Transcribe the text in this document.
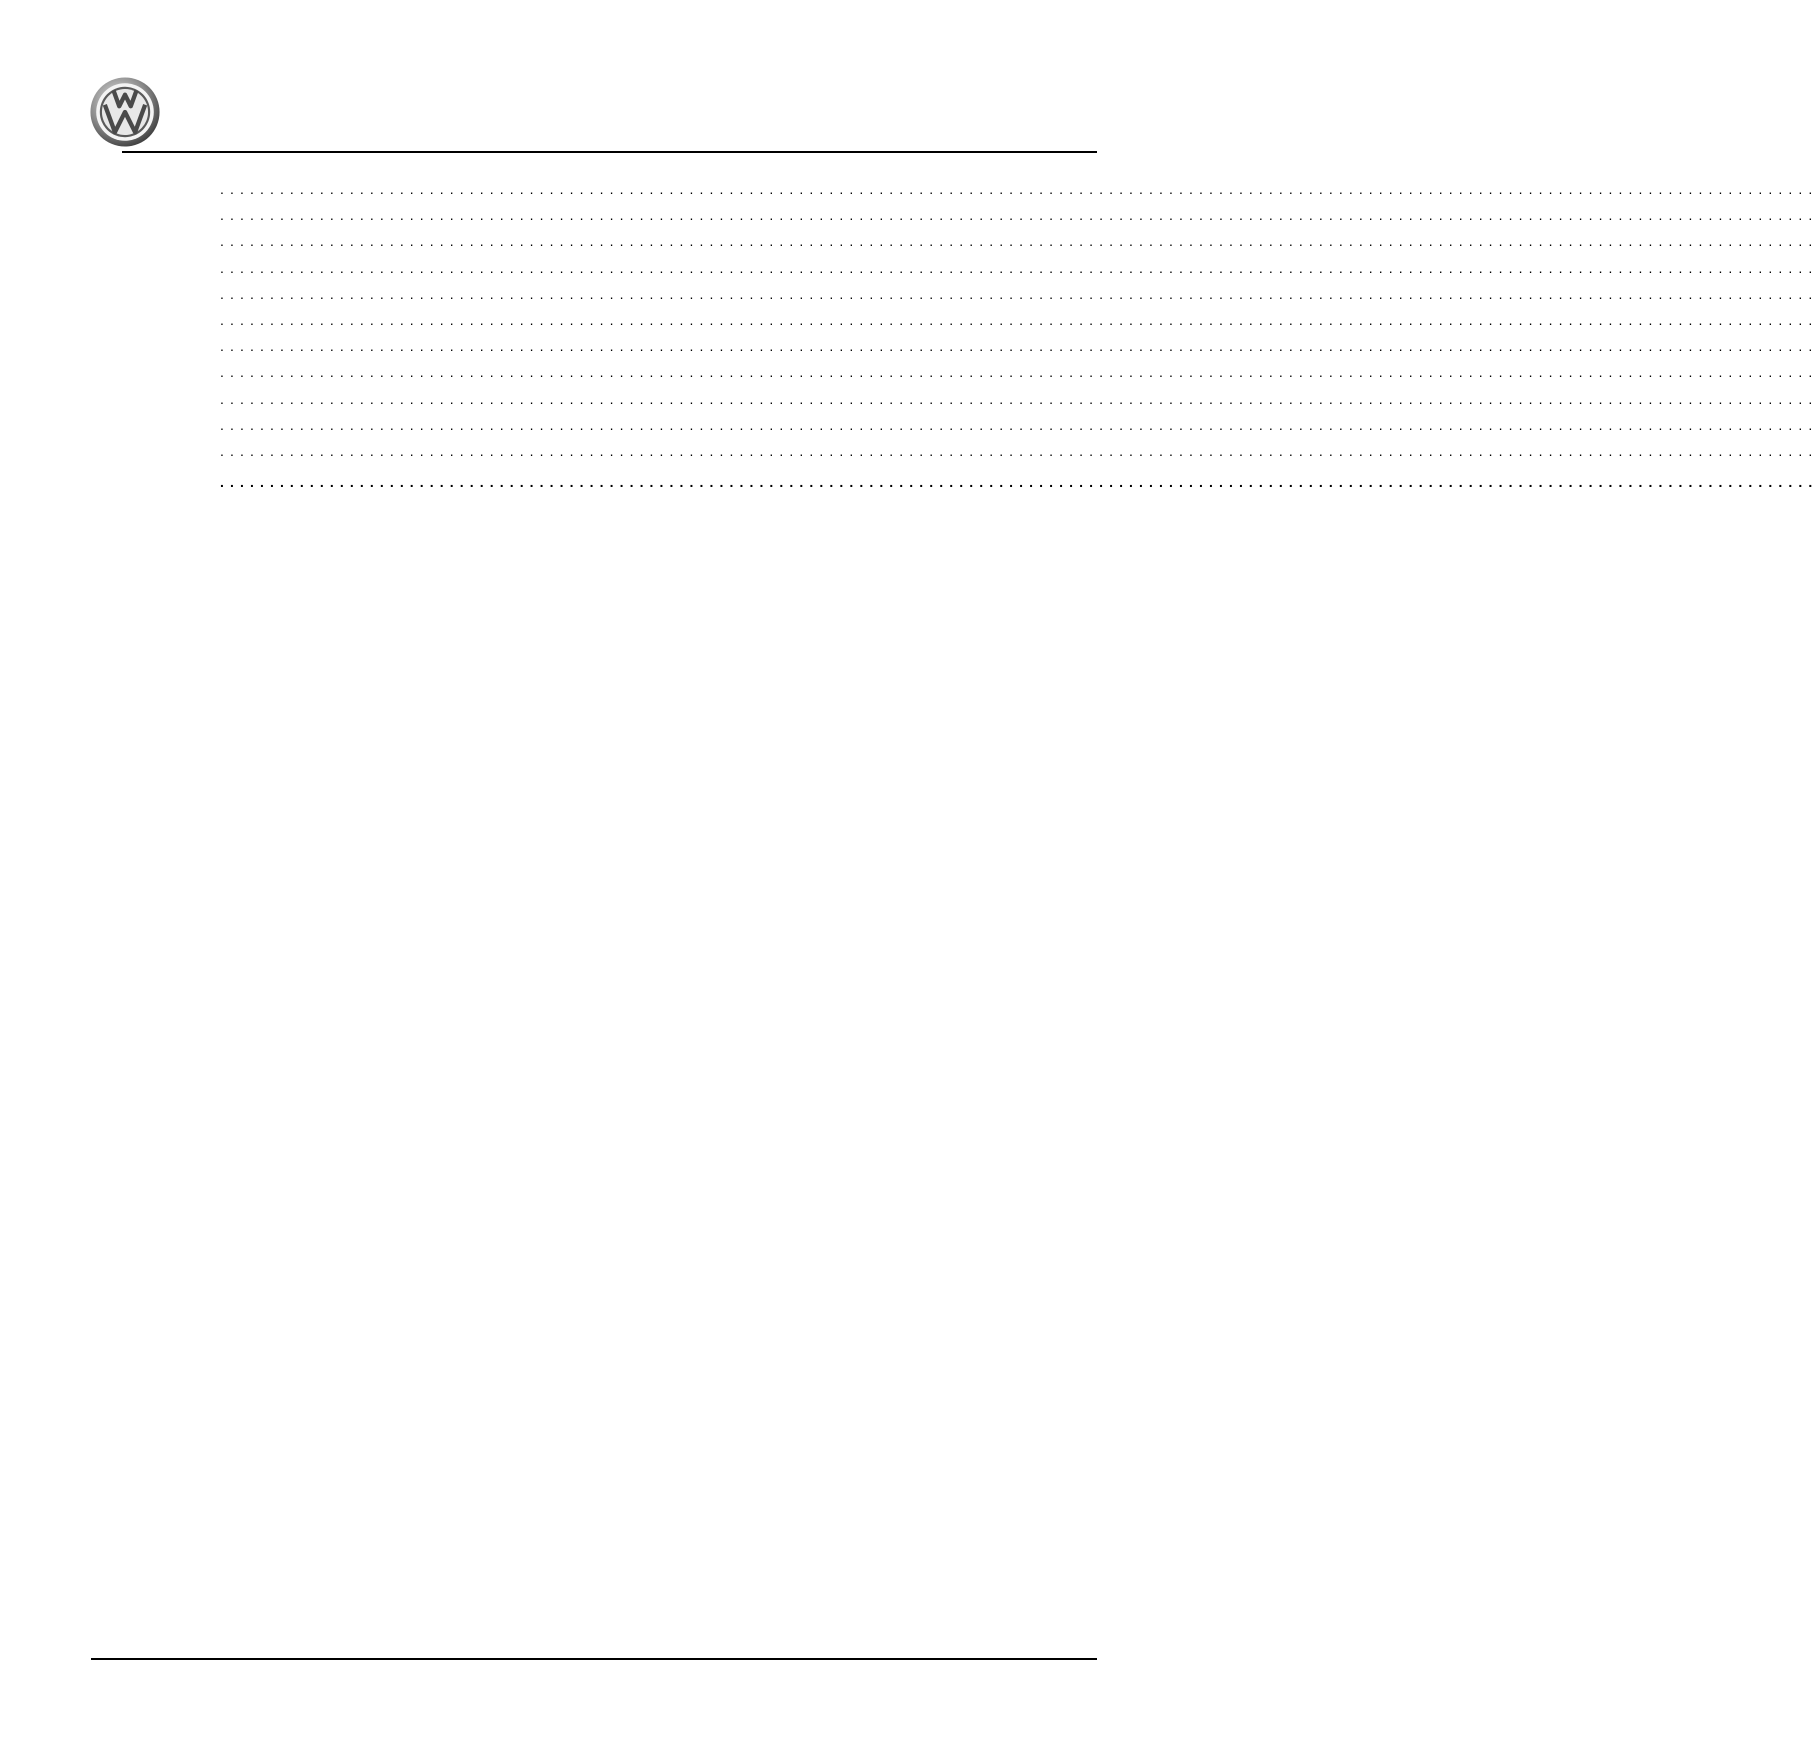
................................................................................................................................................................
................................................................................................................................................................
................................................................................................................................................................
................................................................................................................................................................
................................................................................................................................................................
................................................................................................................................................................
................................................................................................................................................................
................................................................................................................................................................
................................................................................................................................................................
................................................................................................................................................................
................................................................................................................................................................
................................................................................................................................................................
